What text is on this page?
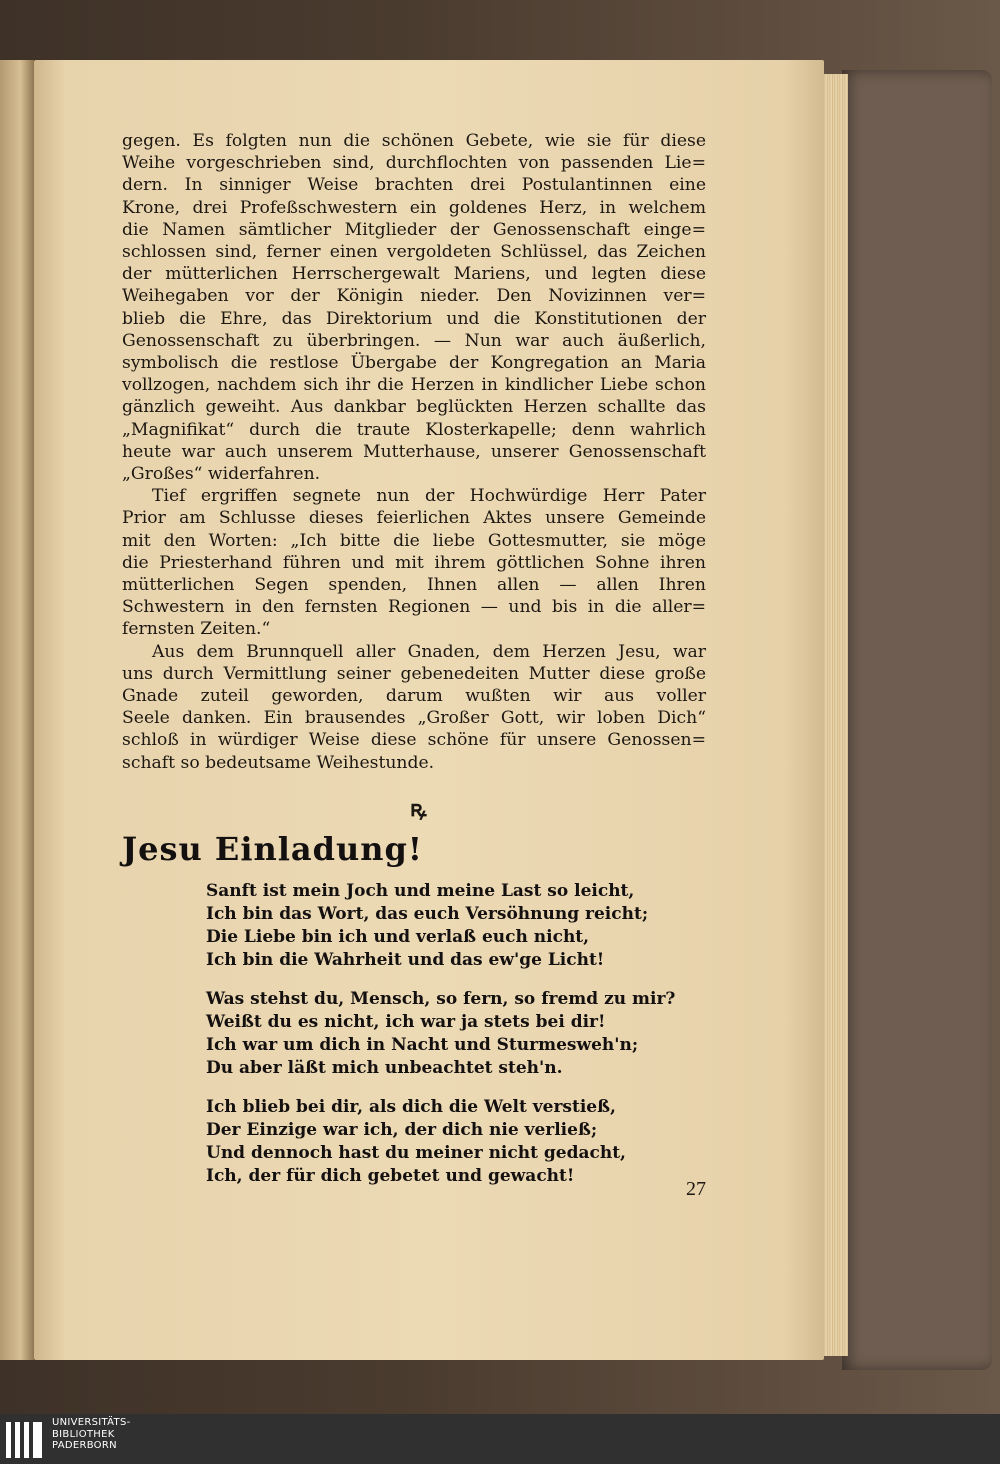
gegen. Es folgten nun die schönen Gebete, wie sie für diese
Weihe vorgeschrieben sind, durchflochten von passenden Lie=
dern. In sinniger Weise brachten drei Postulantinnen eine
Krone, drei Profeßschwestern ein goldenes Herz, in welchem
die Namen sämtlicher Mitglieder der Genossenschaft einge=
schlossen sind, ferner einen vergoldeten Schlüssel, das Zeichen
der mütterlichen Herrschergewalt Mariens, und legten diese
Weihegaben vor der Königin nieder. Den Novizinnen ver=
blieb die Ehre, das Direktorium und die Konstitutionen der
Genossenschaft zu überbringen. — Nun war auch äußerlich,
symbolisch die restlose Übergabe der Kongregation an Maria
vollzogen, nachdem sich ihr die Herzen in kindlicher Liebe schon
gänzlich geweiht. Aus dankbar beglückten Herzen schallte das
„Magnifikat“ durch die traute Klosterkapelle; denn wahrlich
heute war auch unserem Mutterhause, unserer Genossenschaft
„Großes“ widerfahren.

Tief ergriffen segnete nun der Hochwürdige Herr Pater
Prior am Schlusse dieses feierlichen Aktes unsere Gemeinde
mit den Worten: „Ich bitte die liebe Gottesmutter, sie möge
die Priesterhand führen und mit ihrem göttlichen Sohne ihren
mütterlichen Segen spenden, Ihnen allen — allen Ihren
Schwestern in den fernsten Regionen — und bis in die aller=
fernsten Zeiten.“

Aus dem Brunnquell aller Gnaden, dem Herzen Jesu, war
uns durch Vermittlung seiner gebenedeiten Mutter diese große
Gnade zuteil geworden, darum wußten wir aus voller
Seele danken. Ein brausendes „Großer Gott, wir loben Dich“
schloß in würdiger Weise diese schöne für unsere Genossen=
schaft so bedeutsame Weihestunde.

ꝶ
Jesu Einladung!
Sanft ist mein Joch und meine Last so leicht,
Ich bin das Wort, das euch Versöhnung reicht;
Die Liebe bin ich und verlaß euch nicht,
Ich bin die Wahrheit und das ew'ge Licht!
Was stehst du, Mensch, so fern, so fremd zu mir?
Weißt du es nicht, ich war ja stets bei dir!
Ich war um dich in Nacht und Sturmesweh'n;
Du aber läßt mich unbeachtet steh'n.
Ich blieb bei dir, als dich die Welt verstieß,
Der Einzige war ich, der dich nie verließ;
Und dennoch hast du meiner nicht gedacht,
Ich, der für dich gebetet und gewacht!
27
UNIVERSITÄTS-
BIBLIOTHEK
PADERBORN
